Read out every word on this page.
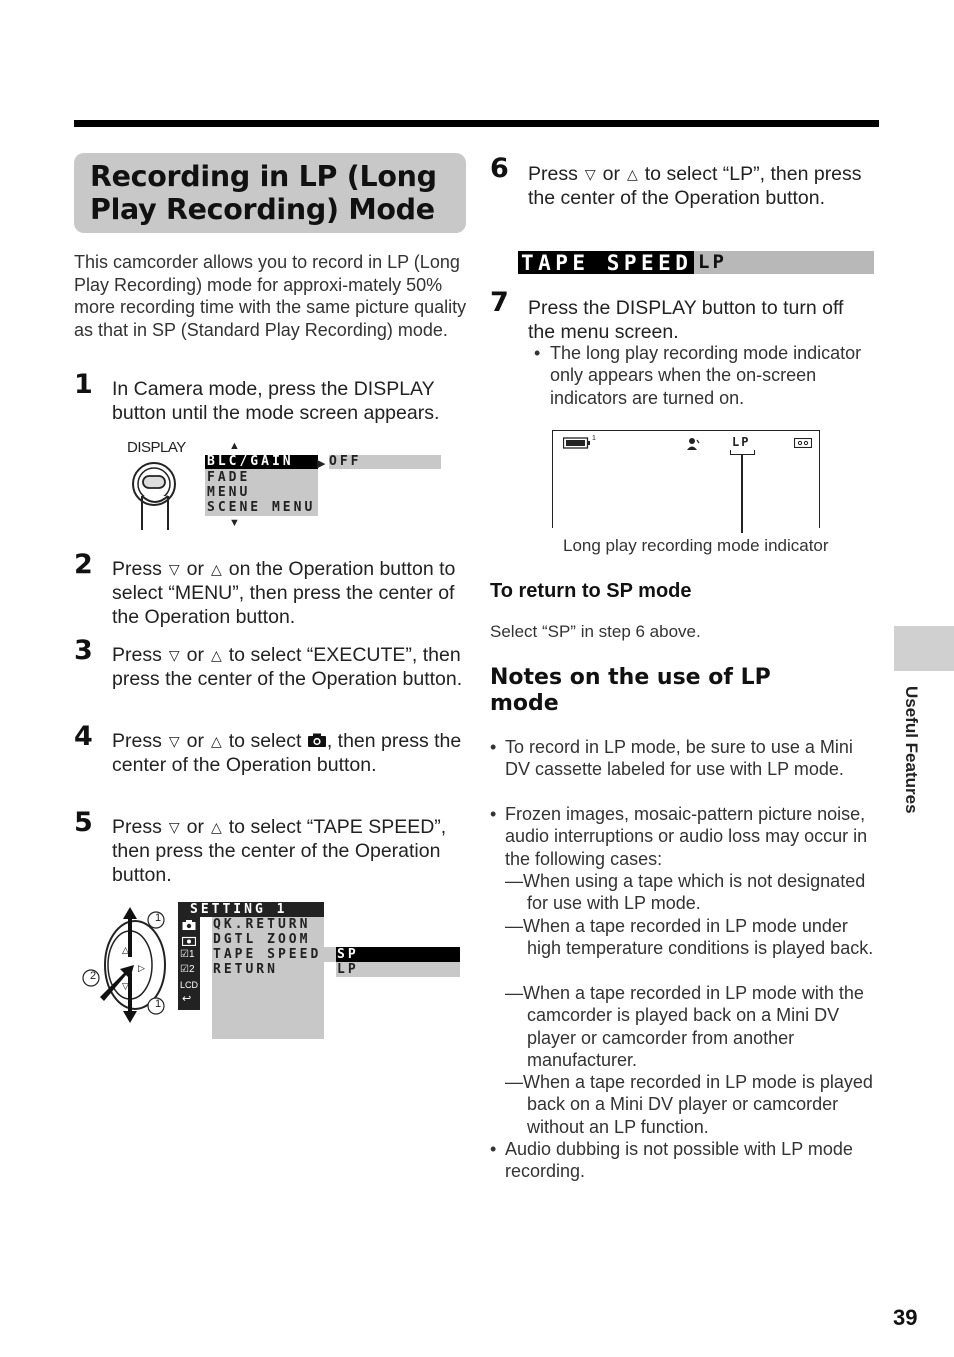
Recording in LP (Long Play Recording) Mode
This camcorder allows you to record in LP (Long Play Recording) mode for approxi-mately 50% more recording time with the same picture quality as that in SP (Standard Play Recording) mode.
1 In Camera mode, press the DISPLAY button until the mode screen appears.
DISPLAY	▲
▼
BLC/GAIN
FADE
MENU
SCENE MENU
▶ OFF
2 Press ▽ or △ on the Operation button to select “MENU”, then press the center of the Operation button.
3 Press ▽ or △ to select “EXECUTE”, then press the center of the Operation button.
4 Press ▽ or △ to select , then press the center of the Operation button.
5 Press ▽ or △ to select “TAPE SPEED”, then press the center of the Operation button.
△
▽
▷
1
2
1
SETTING 1
☑1
☑2
LCD
↩
QK.RETURN
DGTL ZOOM
TAPE SPEED
RETURN
SP
LP
6 Press ▽ or △ to select “LP”, then press the center of the Operation button.
TAPE SPEED LP
7 Press the DISPLAY button to turn off the menu screen.
• The long play recording mode indicator only appears when the on-screen indicators are turned on.
1	LP
Long play recording mode indicator
To return to SP mode
Select “SP” in step 6 above.
Notes on the use of LP mode
• To record in LP mode, be sure to use a Mini DV cassette labeled for use with LP mode.
• Frozen images, mosaic-pattern picture noise, audio interruptions or audio loss may occur in the following cases:
—When using a tape which is not designated for use with LP mode.
—When a tape recorded in LP mode under high temperature conditions is played back.
—When a tape recorded in LP mode with the camcorder is played back on a Mini DV player or camcorder from another manufacturer.
—When a tape recorded in LP mode is played back on a Mini DV player or camcorder without an LP function.
• Audio dubbing is not possible with LP mode recording.
Useful Features
39
